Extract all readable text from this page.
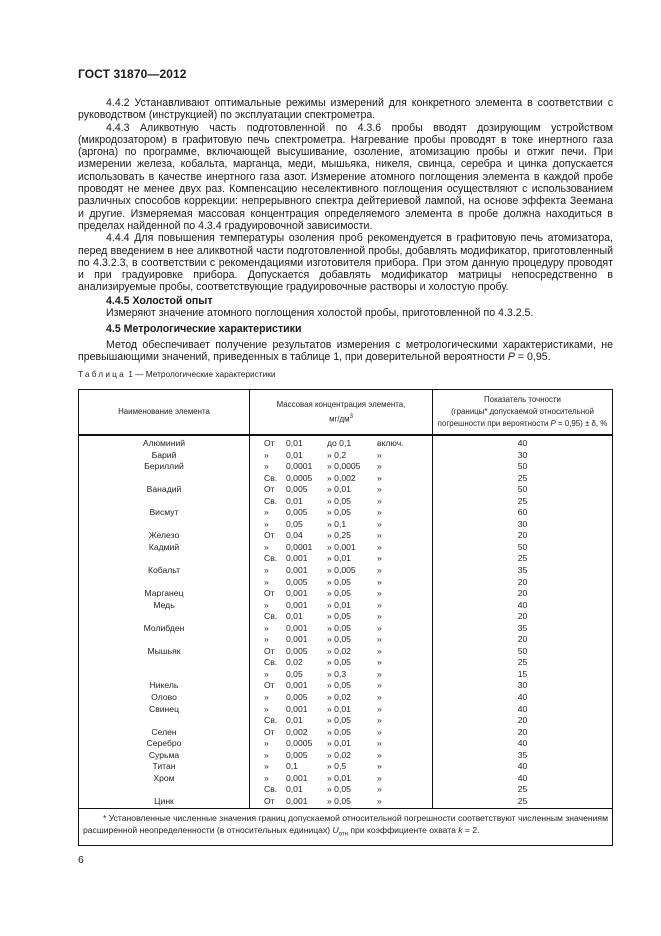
ГОСТ 31870—2012

4.4.2 Устанавливают оптимальные режимы измерений для конкретного элемента в соответствии с руководством (инструкцией) по эксплуатации спектрометра.

4.4.3 Аликвотную часть подготовленной по 4.3.6 пробы вводят дозирующим устройством (микродозатором) в графитовую печь спектрометра. Нагревание пробы проводят в токе инертного газа (аргона) по программе, включающей высушивание, озоление, атомизацию пробы и отжиг печи. При измерении железа, кобальта, марганца, меди, мышьяка, никеля, свинца, серебра и цинка допускается использовать в качестве инертного газа азот. Измерение атомного поглощения элемента в каждой пробе проводят не менее двух раз. Компенсацию неселективного поглощения осуществляют с использованием различных способов коррекции: непрерывного спектра дейтериевой лампой, на основе эффекта Зеемана и другие. Измеряемая массовая концентрация определяемого элемента в пробе должна находиться в пределах найденной по 4.3.4 градуировочной зависимости.

4.4.4 Для повышения температуры озоления проб рекомендуется в графитовую печь атомизатора, перед введением в нее аликвотной части подготовленной пробы, добавлять модификатор, приготовленный по 4.3.2.3, в соответствии с рекомендациями изготовителя прибора. При этом данную процедуру проводят и при градуировке прибора. Допускается добавлять модификатор матрицы непосредственно в анализируемые пробы, соответствующие градуировочные растворы и холостую пробу.

4.4.5 Холостой опыт

Измеряют значение атомного поглощения холостой пробы, приготовленной по 4.3.2.5.

4.5 Метрологические характеристики

Метод обеспечивает получение результатов измерения с метрологическими характеристиками, не превышающими значений, приведенных в таблице 1, при доверительной вероятности P = 0,95.

Таблица 1 — Метрологические характеристики
Наименование элемента	Массовая концентрация элемента,
$мг/дм^3$	Показатель точности
(границы* допускаемой относительной
погрешности при вероятности P = 0,95) ± δ, %
Алюминий	От 0,01 до 0,1 включ.	40
Барий	» 0,01 » 0,2 »	30
Бериллий	» 0,0001 » 0,0005 »	50
	Св. 0,0005 » 0,002 »	25
Ванадий	От 0,005 » 0,01 »	50
	Св. 0,01 » 0,05 »	25
Висмут	» 0,005 » 0,05 »	60
	» 0,05 » 0,1 »	30
Железо	От 0,04 » 0,25 »	20
Кадмий	» 0,0001 » 0,001 »	50
	Св. 0,001 » 0,01 »	25
Кобальт	» 0,001 » 0,005 »	35
	» 0,005 » 0,05 »	20
Марганец	От 0,001 » 0,05 »	20
Медь	» 0,001 » 0,01 »	40
	Св. 0,01 » 0,05 »	20
Молибден	» 0,001 » 0,05 »	35
	» 0,001 » 0,05 »	20
Мышьяк	От 0,005 » 0,02 »	50
	Св. 0,02 » 0,05 »	25
	» 0,05 » 0,3 »	15
Никель	От 0,001 » 0,05 »	30
Олово	» 0,005 » 0,02 »	40
Свинец	» 0,001 » 0,01 »	40
	Св. 0,01 » 0,05 »	20
Селен	От 0,002 » 0,05 »	20
Серебро	» 0,0005 » 0,01 »	40
Сурьма	» 0,005 » 0,02 »	35
Титан	» 0,1 » 0,5 »	40
Хром	» 0,001 » 0,01 »	40
	Св. 0,01 » 0,05 »	25
Цинк	От 0,001 » 0,05 »	25

* Установленные численные значения границ допускаемой относительной погрешности соответствуют численным значениям расширенной неопределенности (в относительных единицах) $U_{отн}$ при коэффициенте охвата k = 2.		
6
